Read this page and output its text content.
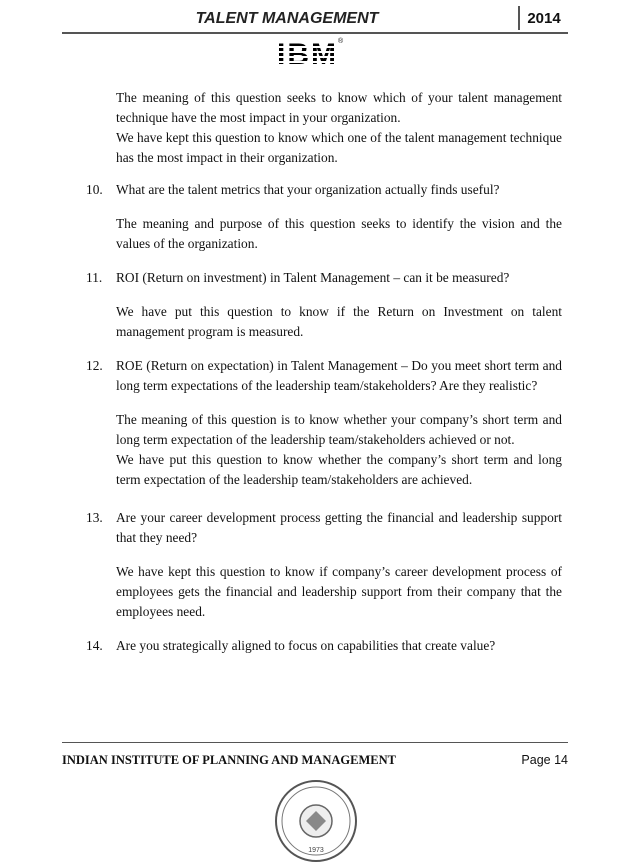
TALENT MANAGEMENT	2014
IBM®

The meaning of this question seeks to know which of your talent management technique have the most impact in your organization.

We have kept this question to know which one of the talent management technique has the most impact in their organization.

10. What are the talent metrics that your organization actually finds useful?

The meaning and purpose of this question seeks to identify the vision and the values of the organization.

11.	ROI (Return on investment) in Talent Management – can it be measured?

We have put this question to know if the Return on Investment on talent management program is measured.

12. ROE (Return on expectation) in Talent Management – Do you meet short term and long term expectations of the leadership team/stakeholders? Are they realistic?

The meaning of this question is to know whether your company’s short term and long term expectation of the leadership team/stakeholders achieved or not.

We have put this question to know whether the company’s short term and long term expectation of the leadership team/stakeholders are achieved.

13. Are your career development process getting the financial and leadership support that they need?

We have kept this question to know if company’s career development process of employees gets the financial and leadership support from their company that the employees need.

14. Are you strategically aligned to focus on capabilities that create value?
INDIAN INSTITUTE OF PLANNING AND MANAGEMENT	Page 14
1973
